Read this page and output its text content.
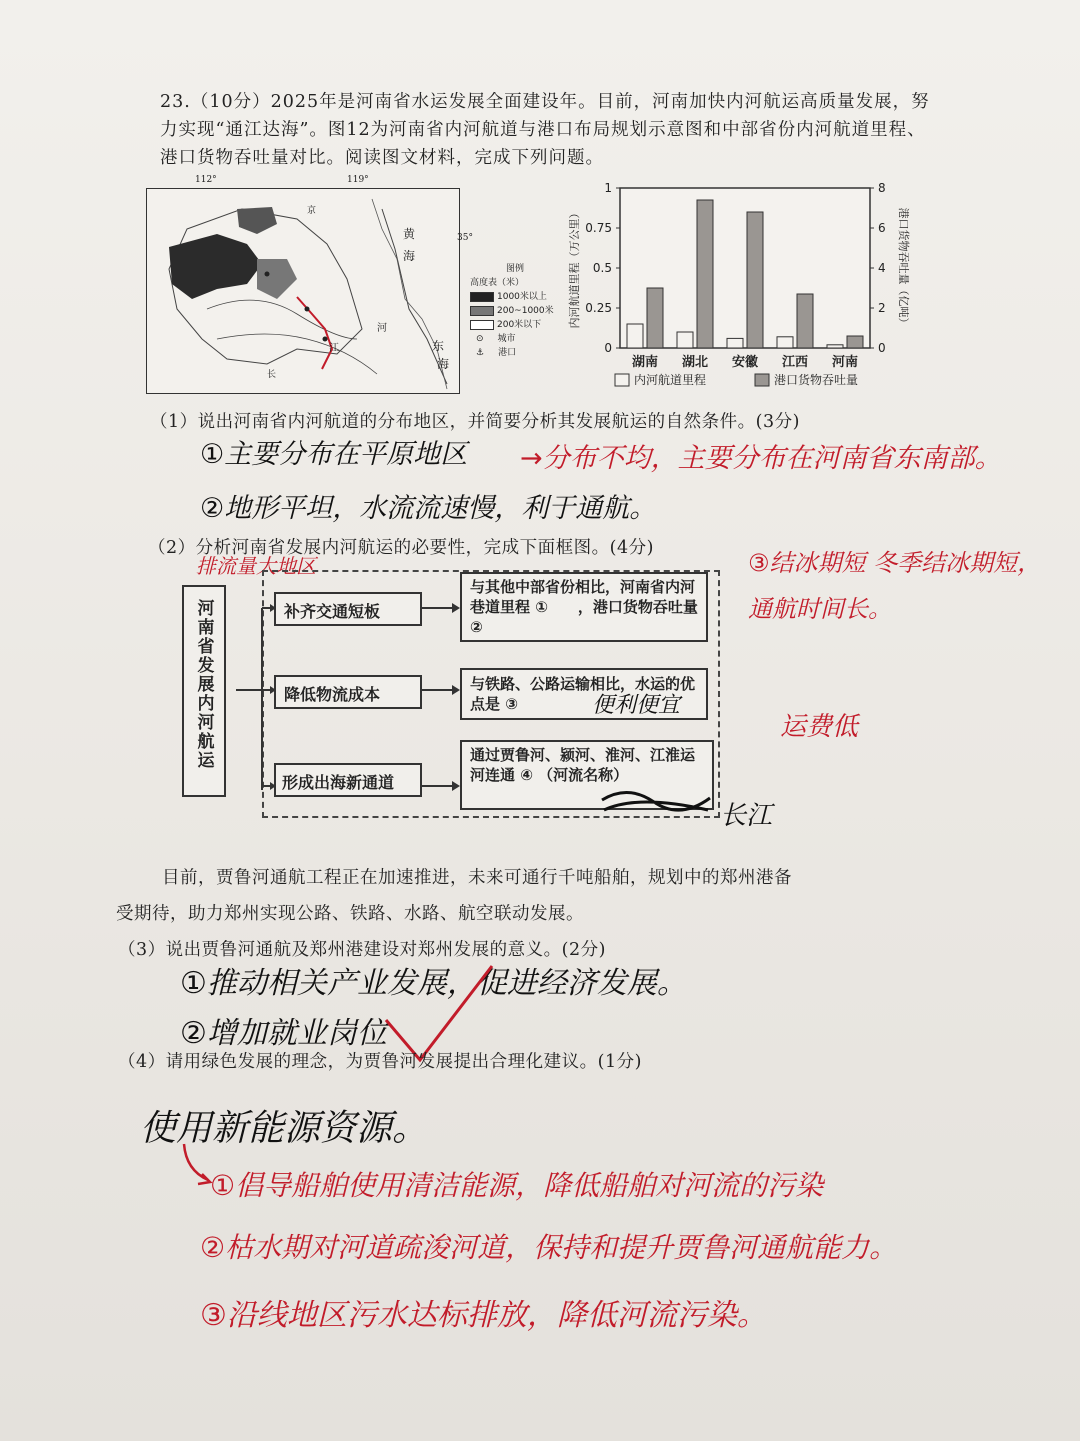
23.（10分）2025年是河南省水运发展全面建设年。目前，河南加快内河航运高质量发展，努力实现“通江达海”。图12为河南省内河航道与港口布局规划示意图和中部省份内河航道里程、港口货物吞吐量对比。阅读图文材料，完成下列问题。
112°	119°
35°
黄
海
东
海
京
河
长
江
图例
高度表（米）
1000米以上
200~1000米
200米以下
⊙ 城市
⚓ 港口	0
0.25
0.5
0.75
1
0
2
4
6
8
内河航道里程（万公里）	港口货物吞吐量（亿吨）
湖南 湖北 安徽 江西 河南
内河航道里程	港口货物吞吐量
（1）说出河南省内河航道的分布地区，并简要分析其发展航运的自然条件。(3分)
①主要分布在平原地区 →分布不均，主要分布在河南省东南部。
②地形平坦，水流流速慢，利于通航。
（2）分析河南省发展内河航运的必要性，完成下面框图。(4分)
排流量大地区	③结冰期短 冬季结冰期短，通航时间长。
河南省发展内河航运	补齐交通短板
降低物流成本
形成出海新通道
与其他中部省份相比，河南省内河巷道里程 ①　　，港口货物吞吐量 ②　　
与铁路、公路运输相比，水运的优点是 ③
通过贾鲁河、颍河、淮河、江淮运河连通 ④ （河流名称）
便利便宜
运费低
长江
目前，贾鲁河通航工程正在加速推进，未来可通行千吨船舶，规划中的郑州港备
受期待，助力郑州实现公路、铁路、水路、航空联动发展。
（3）说出贾鲁河通航及郑州港建设对郑州发展的意义。(2分)
①推动相关产业发展，促进经济发展。
②增加就业岗位
（4）请用绿色发展的理念，为贾鲁河发展提出合理化建议。(1分)
使用新能源资源。
①倡导船舶使用清洁能源，降低船舶对河流的污染
②枯水期对河道疏浚河道，保持和提升贾鲁河通航能力。
③沿线地区污水达标排放，降低河流污染。
